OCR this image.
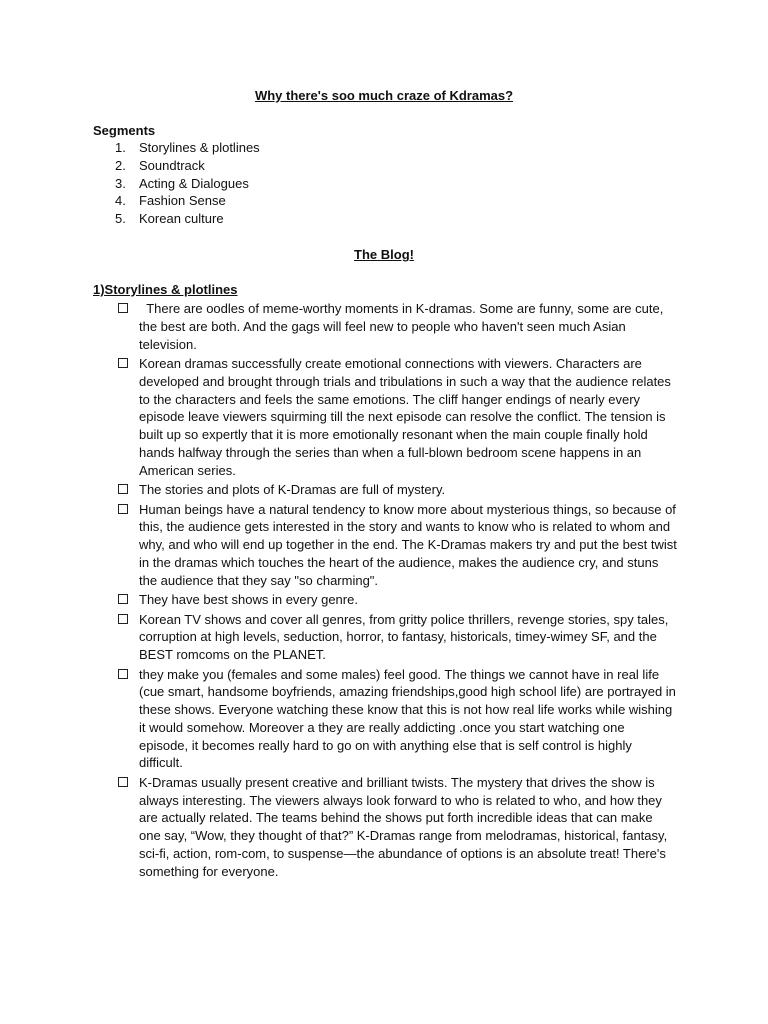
Why there's soo much craze of Kdramas?
Segments
1.	Storylines & plotlines
2.	Soundtrack
3.	Acting & Dialogues
4.	Fashion Sense
5.	Korean culture
The Blog!
1)Storylines & plotlines
There are oodles of meme-worthy moments in K-dramas. Some are funny, some are cute, the best are both. And the gags will feel new to people who haven't seen much Asian television.
Korean dramas successfully create emotional connections with viewers. Characters are developed and brought through trials and tribulations in such a way that the audience relates to the characters and feels the same emotions. The cliff hanger endings of nearly every episode leave viewers squirming till the next episode can resolve the conflict. The tension is built up so expertly that it is more emotionally resonant when the main couple finally hold hands halfway through the series than when a full-blown bedroom scene happens in an American series.
The stories and plots of K-Dramas are full of mystery.
Human beings have a natural tendency to know more about mysterious things, so because of this, the audience gets interested in the story and wants to know who is related to whom and why, and who will end up together in the end. The K-Dramas makers try and put the best twist in the dramas which touches the heart of the audience, makes the audience cry, and stuns the audience that they say "so charming".
They have best shows in every genre.
Korean TV shows and cover all genres, from gritty police thrillers, revenge stories, spy tales, corruption at high levels, seduction, horror, to fantasy, historicals, timey-wimey SF, and the BEST romcoms on the PLANET.
they make you (females and some males) feel good. The things we cannot have in real life (cue smart, handsome boyfriends, amazing friendships,good high school life) are portrayed in these shows. Everyone watching these know that this is not how real life works while wishing it would somehow. Moreover a they are really addicting .once you start watching one episode, it becomes really hard to go on with anything else that is self control is highly difficult.
K-Dramas usually present creative and brilliant twists. The mystery that drives the show is always interesting. The viewers always look forward to who is related to who, and how they are actually related. The teams behind the shows put forth incredible ideas that can make one say, “Wow, they thought of that?” K-Dramas range from melodramas, historical, fantasy, sci-fi, action, rom-com, to suspense—the abundance of options is an absolute treat! There's something for everyone.
